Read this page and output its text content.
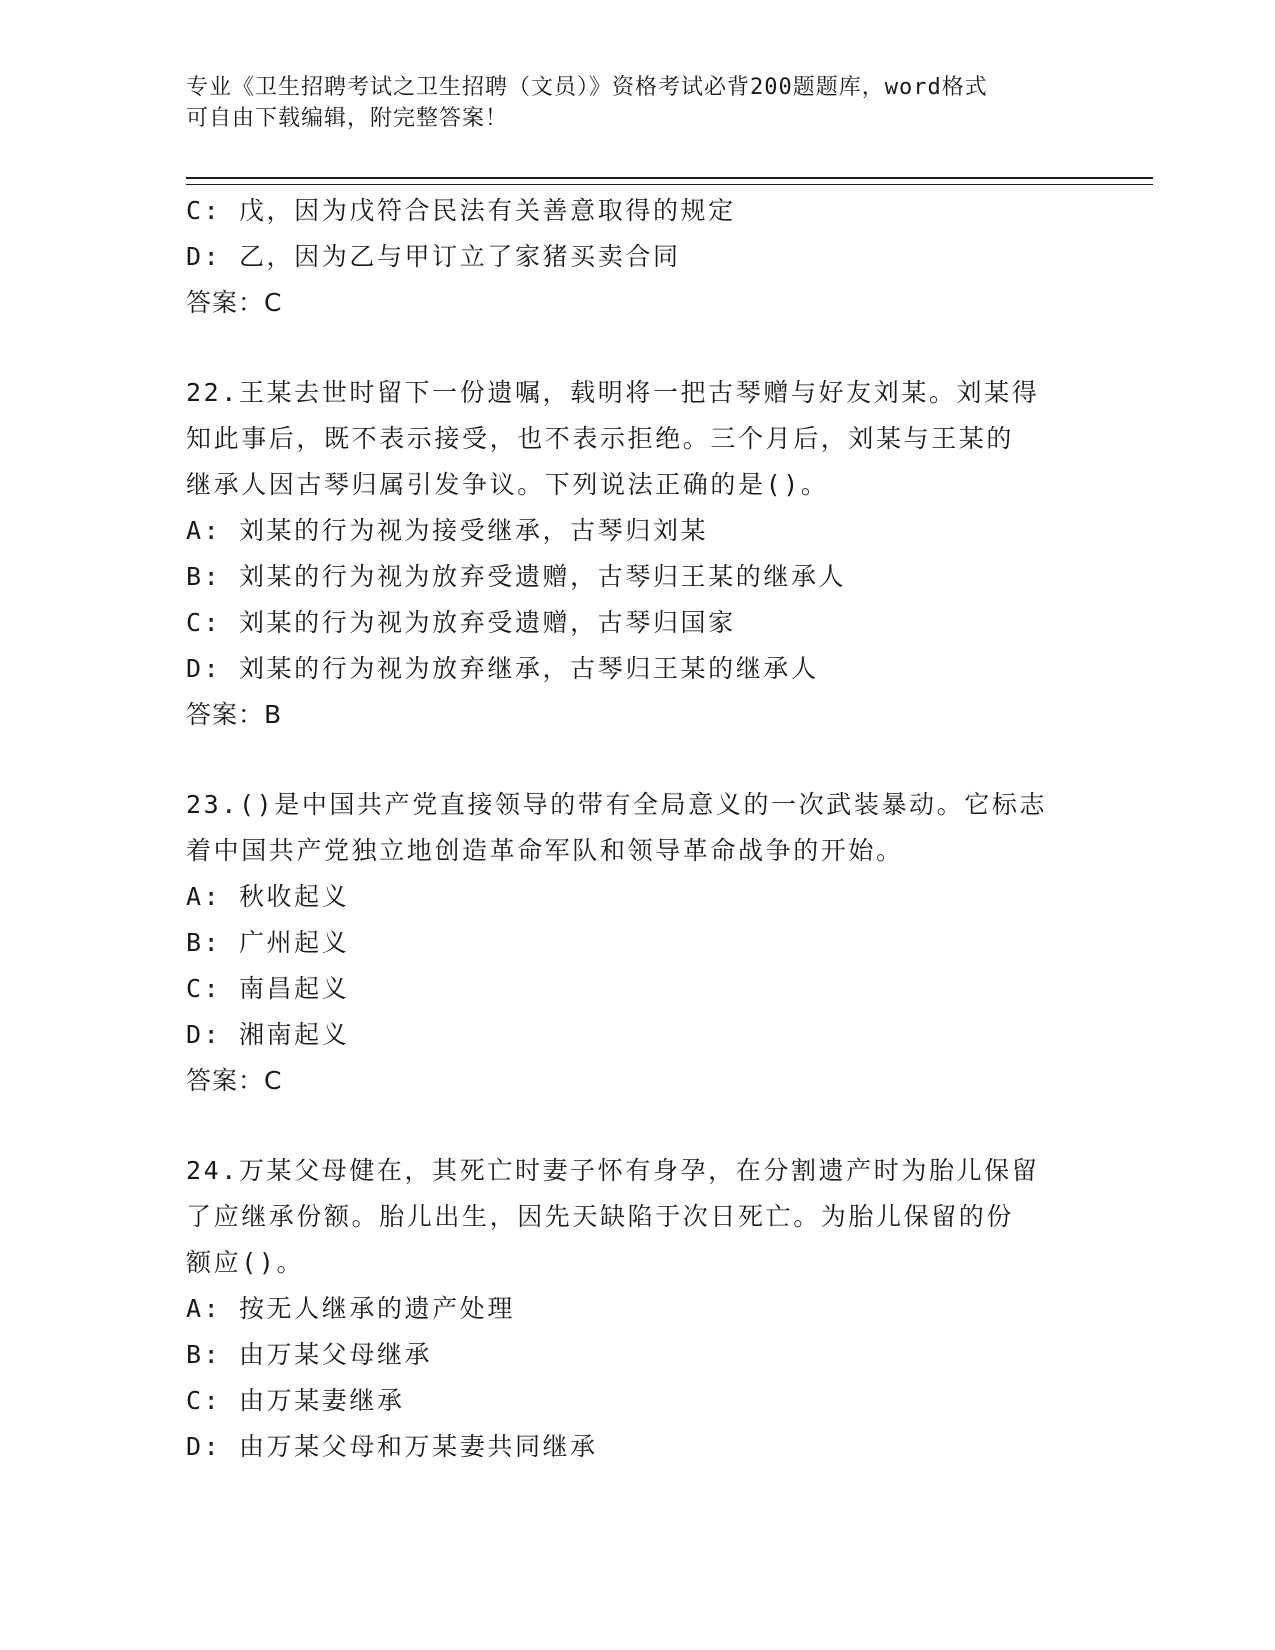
专业《卫生招聘考试之卫生招聘（文员）》资格考试必背200题题库，word格式
可自由下载编辑，附完整答案！
C: 戊，因为戊符合民法有关善意取得的规定
D: 乙，因为乙与甲订立了家猪买卖合同
答案：C
22.王某去世时留下一份遗嘱，载明将一把古琴赠与好友刘某。刘某得
知此事后，既不表示接受，也不表示拒绝。三个月后，刘某与王某的
继承人因古琴归属引发争议。下列说法正确的是()。
A: 刘某的行为视为接受继承，古琴归刘某
B: 刘某的行为视为放弃受遗赠，古琴归王某的继承人
C: 刘某的行为视为放弃受遗赠，古琴归国家
D: 刘某的行为视为放弃继承，古琴归王某的继承人
答案：B
23.()是中国共产党直接领导的带有全局意义的一次武装暴动。它标志
着中国共产党独立地创造革命军队和领导革命战争的开始。
A: 秋收起义
B: 广州起义
C: 南昌起义
D: 湘南起义
答案：C
24.万某父母健在，其死亡时妻子怀有身孕，在分割遗产时为胎儿保留
了应继承份额。胎儿出生，因先天缺陷于次日死亡。为胎儿保留的份
额应()。
A: 按无人继承的遗产处理
B: 由万某父母继承
C: 由万某妻继承
D: 由万某父母和万某妻共同继承
